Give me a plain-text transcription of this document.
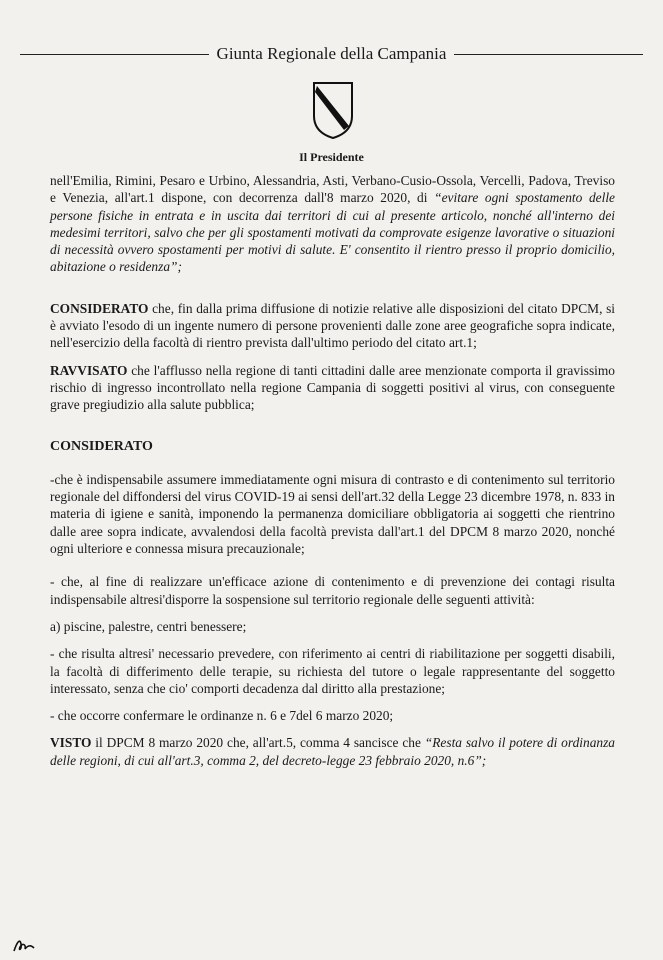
Giunta Regionale della Campania
Il Presidente

nell'Emilia, Rimini, Pesaro e Urbino, Alessandria, Asti, Verbano-Cusio-Ossola, Vercelli, Padova, Treviso e Venezia, all'art.1 dispone, con decorrenza dall'8 marzo 2020, di “evitare ogni spostamento delle persone fisiche in entrata e in uscita dai territori di cui al presente articolo, nonché all'interno dei medesimi territori, salvo che per gli spostamenti motivati da comprovate esigenze lavorative o situazioni di necessità ovvero spostamenti per motivi di salute. E' consentito il rientro presso il proprio domicilio, abitazione o residenza”;

CONSIDERATO che, fin dalla prima diffusione di notizie relative alle disposizioni del citato DPCM, si è avviato l'esodo di un ingente numero di persone provenienti dalle zone aree geografiche sopra indicate, nell'esercizio della facoltà di rientro prevista dall'ultimo periodo del citato art.1;

RAVVISATO che l'afflusso nella regione di tanti cittadini dalle aree menzionate comporta il gravissimo rischio di ingresso incontrollato nella regione Campania di soggetti positivi al virus, con conseguente grave pregiudizio alla salute pubblica;

CONSIDERATO

-che è indispensabile assumere immediatamente ogni misura di contrasto e di contenimento sul territorio regionale del diffondersi del virus COVID-19 ai sensi dell'art.32 della Legge 23 dicembre 1978, n. 833 in materia di igiene e sanità, imponendo la permanenza domiciliare obbligatoria ai soggetti che rientrino dalle aree sopra indicate, avvalendosi della facoltà prevista dall'art.1 del DPCM 8 marzo 2020, nonché ogni ulteriore e connessa misura precauzionale;

- che, al fine di realizzare un'efficace azione di contenimento e di prevenzione dei contagi risulta indispensabile altresi'disporre la sospensione sul territorio regionale delle seguenti attività:

a) piscine, palestre, centri benessere;

- che risulta altresi' necessario prevedere, con riferimento ai centri di riabilitazione per soggetti disabili, la facoltà di differimento delle terapie, su richiesta del tutore o legale rappresentante del soggetto interessato, senza che cio' comporti decadenza dal diritto alla prestazione;

- che occorre confermare le ordinanze n. 6 e 7del 6 marzo 2020;

VISTO il DPCM 8 marzo 2020 che, all'art.5, comma 4 sancisce che “Resta salvo il potere di ordinanza delle regioni, di cui all'art.3, comma 2, del decreto-legge 23 febbraio 2020, n.6”;
